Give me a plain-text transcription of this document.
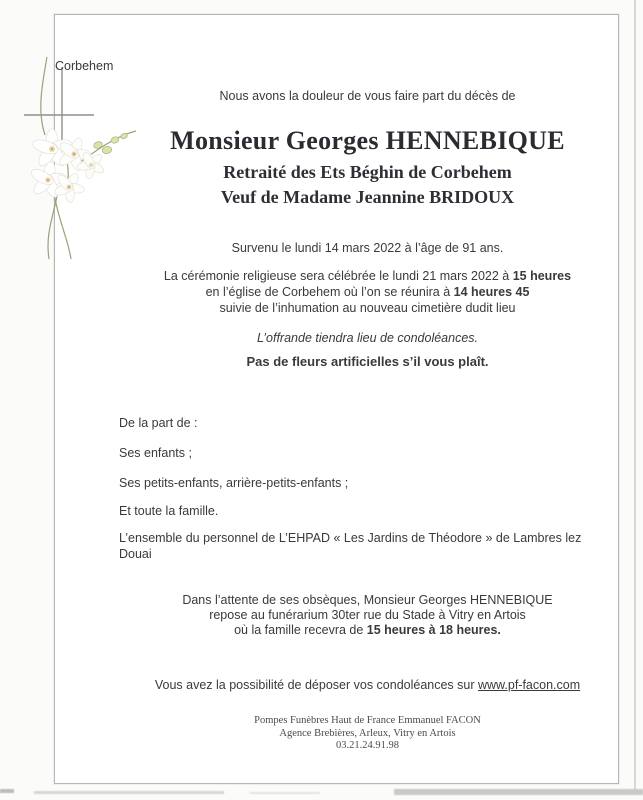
Corbehem
Nous avons la douleur de vous faire part du décès de
Monsieur Georges HENNEBIQUE
Retraité des Ets Béghin de Corbehem
Veuf de Madame Jeannine BRIDOUX
Survenu le lundi 14 mars 2022 à l’âge de 91 ans.
La cérémonie religieuse sera célébrée le lundi 21 mars 2022 à 15 heures
en l’église de Corbehem où l’on se réunira à 14 heures 45
suivie de l’inhumation au nouveau cimetière dudit lieu
L’offrande tiendra lieu de condoléances.
Pas de fleurs artificielles s’il vous plaît.
De la part de :
Ses enfants ;
Ses petits-enfants, arrière-petits-enfants ;
Et toute la famille.
L’ensemble du personnel de L’EHPAD « Les Jardins de Théodore » de Lambres lez Douai
Dans l’attente de ses obsèques, Monsieur Georges HENNEBIQUE
repose au funérarium 30ter rue du Stade à Vitry en Artois
où la famille recevra de 15 heures à 18 heures.
Vous avez la possibilité de déposer vos condoléances sur www.pf-facon.com
Pompes Funèbres Haut de France Emmanuel FACON
Agence Brebières, Arleux, Vitry en Artois
03.21.24.91.98
